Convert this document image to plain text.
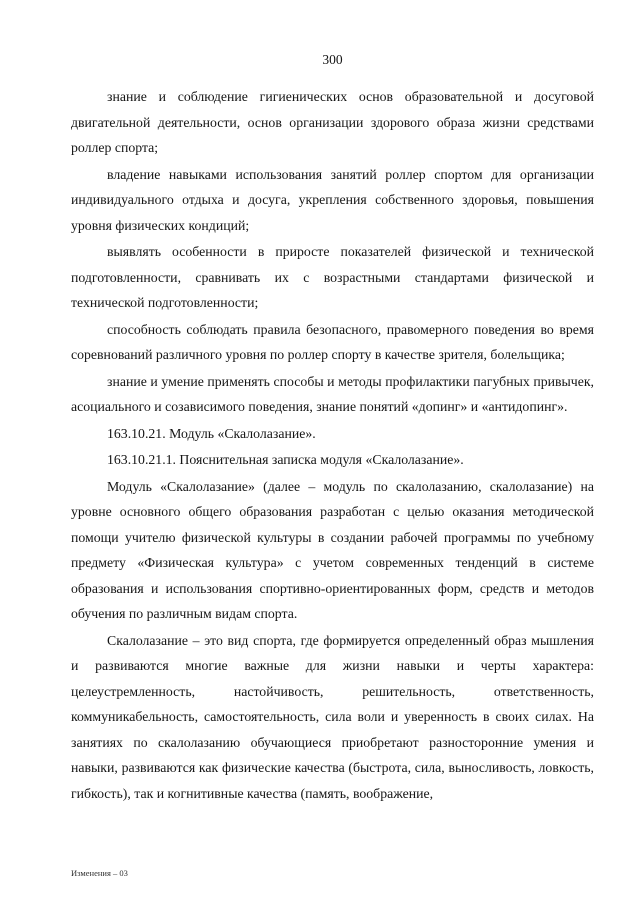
300

знание и соблюдение гигиенических основ образовательной и досуговой двигательной деятельности, основ организации здорового образа жизни средствами роллер спорта;

владение навыками использования занятий роллер спортом для организации индивидуального отдыха и досуга, укрепления собственного здоровья, повышения уровня физических кондиций;

выявлять особенности в приросте показателей физической и технической подготовленности, сравнивать их с возрастными стандартами физической и технической подготовленности;

способность соблюдать правила безопасного, правомерного поведения во время соревнований различного уровня по роллер спорту в качестве зрителя, болельщика;

знание и умение применять способы и методы профилактики пагубных привычек, асоциального и созависимого поведения, знание понятий «допинг» и «антидопинг».

163.10.21. Модуль «Скалолазание».

163.10.21.1. Пояснительная записка модуля «Скалолазание».

Модуль «Скалолазание» (далее – модуль по скалолазанию, скалолазание) на уровне основного общего образования разработан с целью оказания методической помощи учителю физической культуры в создании рабочей программы по учебному предмету «Физическая культура» с учетом современных тенденций в системе образования и использования спортивно-ориентированных форм, средств и методов обучения по различным видам спорта.

Скалолазание – это вид спорта, где формируется определенный образ мышления и развиваются многие важные для жизни навыки и черты характера: целеустремленность, настойчивость, решительность, ответственность, коммуникабельность, самостоятельность, сила воли и уверенность в своих силах. На занятиях по скалолазанию обучающиеся приобретают разносторонние умения и навыки, развиваются как физические качества (быстрота, сила, выносливость, ловкость, гибкость), так и когнитивные качества (память, воображение,

Изменения – 03
